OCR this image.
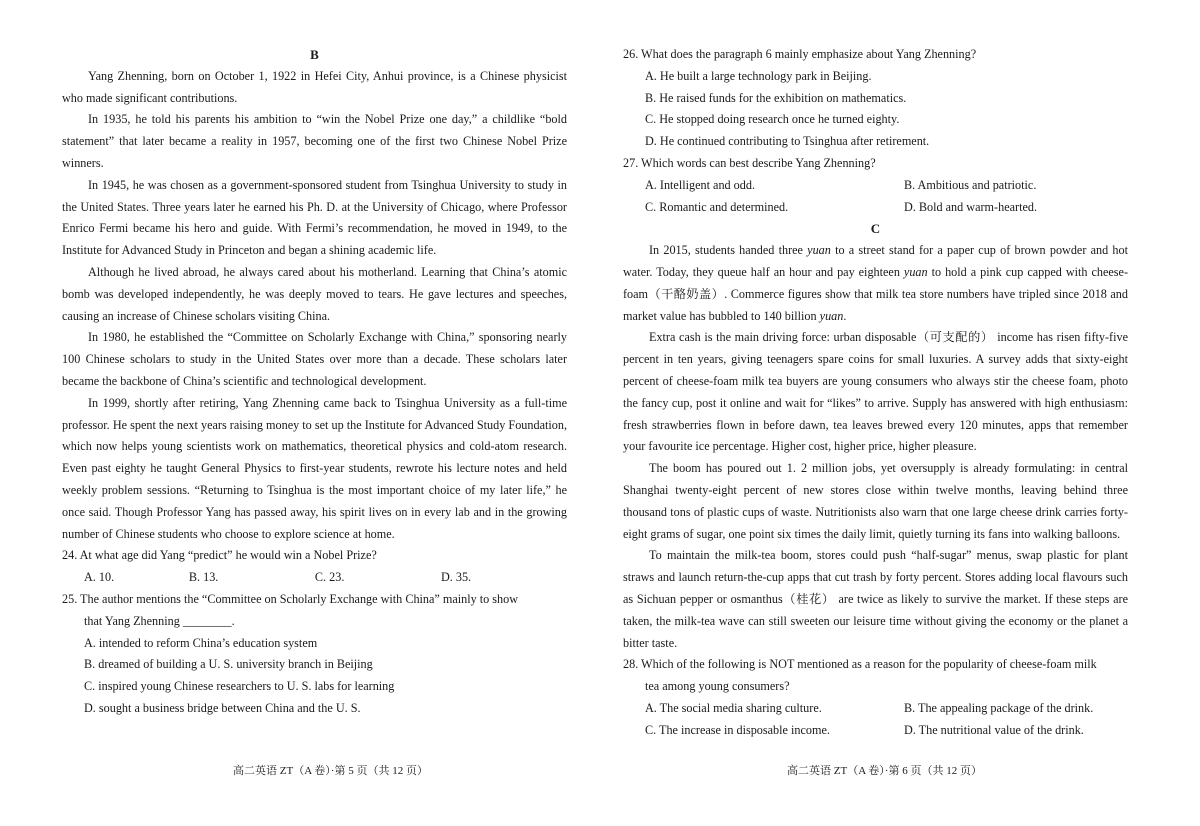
B

Yang Zhenning, born on October 1, 1922 in Hefei City, Anhui province, is a Chinese physicist who made significant contributions.

In 1935, he told his parents his ambition to “win the Nobel Prize one day,” a childlike “bold statement” that later became a reality in 1957, becoming one of the first two Chinese Nobel Prize winners.

In 1945, he was chosen as a government-sponsored student from Tsinghua University to study in the United States. Three years later he earned his Ph. D. at the University of Chicago, where Professor Enrico Fermi became his hero and guide. With Fermi’s recommendation, he moved in 1949, to the Institute for Advanced Study in Princeton and began a shining academic life.

Although he lived abroad, he always cared about his motherland. Learning that China’s atomic bomb was developed independently, he was deeply moved to tears. He gave lectures and speeches, causing an increase of Chinese scholars visiting China.

In 1980, he established the “Committee on Scholarly Exchange with China,” sponsoring nearly 100 Chinese scholars to study in the United States over more than a decade. These scholars later became the backbone of China’s scientific and technological development.

In 1999, shortly after retiring, Yang Zhenning came back to Tsinghua University as a full-time professor. He spent the next years raising money to set up the Institute for Advanced Study Foundation, which now helps young scientists work on mathematics, theoretical physics and cold-atom research. Even past eighty he taught General Physics to first-year students, rewrote his lecture notes and held weekly problem sessions. “Returning to Tsinghua is the most important choice of my later life,” he once said. Though Professor Yang has passed away, his spirit lives on in every lab and in the growing number of Chinese students who choose to explore science at home.

24. At what age did Yang “predict” he would win a Nobel Prize?

A. 10.	B. 13.	C. 23.	D. 35.

25. The author mentions the “Committee on Scholarly Exchange with China” mainly to show
that Yang Zhenning ________.

A. intended to reform China’s education system

B. dreamed of building a U. S. university branch in Beijing

C. inspired young Chinese researchers to U. S. labs for learning

D. sought a business bridge between China and the U. S.

高二英语 ZT（A 卷）·第 5 页（共 12 页）

26. What does the paragraph 6 mainly emphasize about Yang Zhenning?

A. He built a large technology park in Beijing.

B. He raised funds for the exhibition on mathematics.

C. He stopped doing research once he turned eighty.

D. He continued contributing to Tsinghua after retirement.

27. Which words can best describe Yang Zhenning?

A. Intelligent and odd.	B. Ambitious and patriotic.
C. Romantic and determined.	D. Bold and warm-hearted.
C

In 2015, students handed three yuan to a street stand for a paper cup of brown powder and hot water. Today, they queue half an hour and pay eighteen yuan to hold a pink cup capped with cheese-foam（干酪奶盖）. Commerce figures show that milk tea store numbers have tripled since 2018 and market value has bubbled to 140 billion yuan.

Extra cash is the main driving force: urban disposable（可支配的） income has risen fifty-five percent in ten years, giving teenagers spare coins for small luxuries. A survey adds that sixty-eight percent of cheese-foam milk tea buyers are young consumers who always stir the cheese foam, photo the fancy cup, post it online and wait for “likes” to arrive. Supply has answered with high enthusiasm: fresh strawberries flown in before dawn, tea leaves brewed every 120 minutes, apps that remember your favourite ice percentage. Higher cost, higher price, higher pleasure.

The boom has poured out 1. 2 million jobs, yet oversupply is already formulating: in central Shanghai twenty-eight percent of new stores close within twelve months, leaving behind three thousand tons of plastic cups of waste. Nutritionists also warn that one large cheese drink carries forty-eight grams of sugar, one point six times the daily limit, quietly turning its fans into walking balloons.

To maintain the milk-tea boom, stores could push “half-sugar” menus, swap plastic for plant straws and launch return-the-cup apps that cut trash by forty percent. Stores adding local flavours such as Sichuan pepper or osmanthus（桂花） are twice as likely to survive the market. If these steps are taken, the milk-tea wave can still sweeten our leisure time without giving the economy or the planet a bitter taste.

28. Which of the following is NOT mentioned as a reason for the popularity of cheese-foam milk
tea among young consumers?

A. The social media sharing culture.	B. The appealing package of the drink.
C. The increase in disposable income.	D. The nutritional value of the drink.
高二英语 ZT（A 卷）·第 6 页（共 12 页）
